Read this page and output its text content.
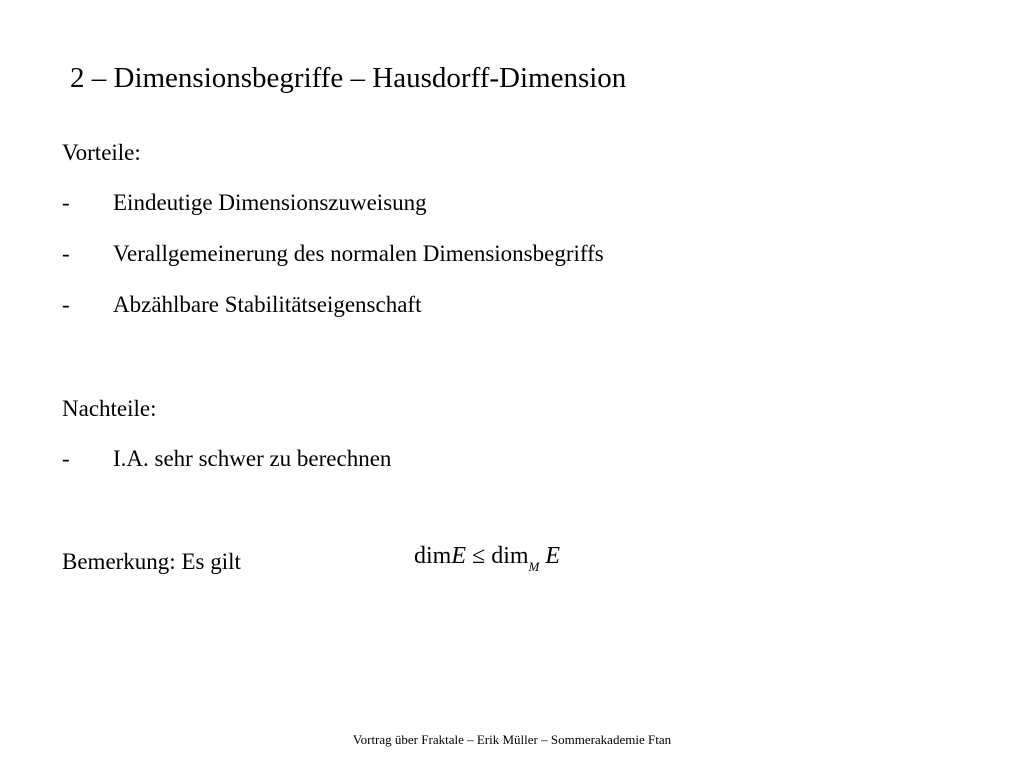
2 – Dimensionsbegriffe – Hausdorff-Dimension
Vorteile:
-	Eindeutige Dimensionszuweisung
-	Verallgemeinerung des normalen Dimensionsbegriffs
-	Abzählbare Stabilitätseigenschaft
Nachteile:
-	I.A. sehr schwer zu berechnen
Bemerkung: Es gilt	dimE ≤ dim$_M$ E
Vortrag über Fraktale – Erik Müller – Sommerakademie Ftan
